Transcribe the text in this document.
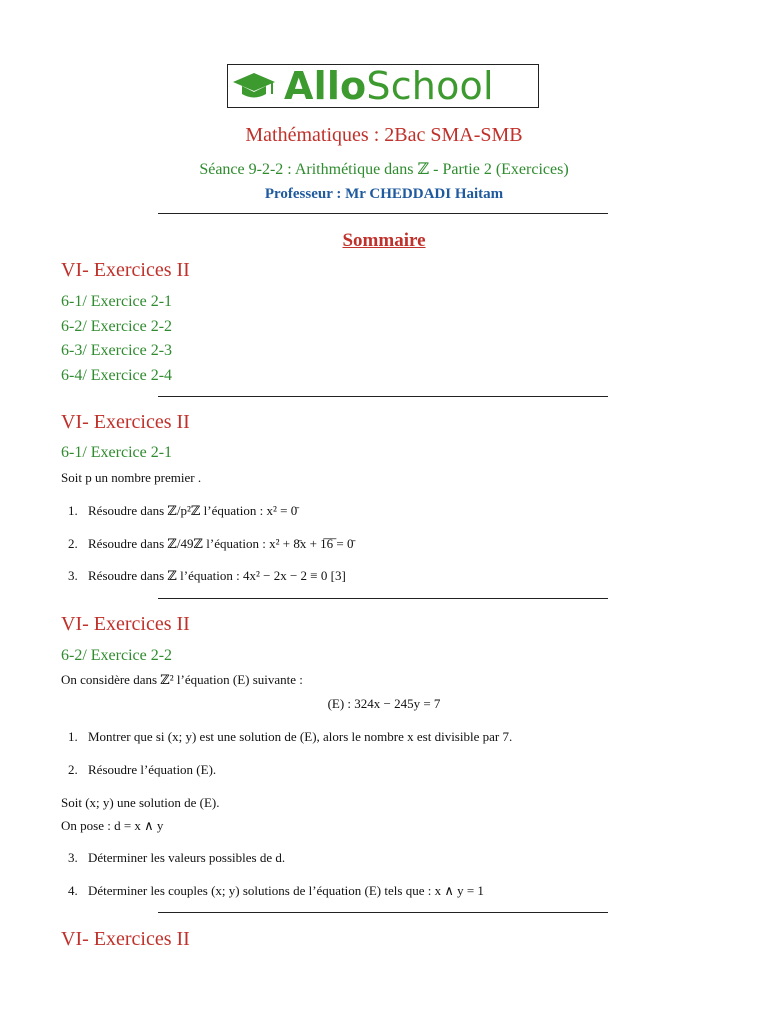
AlloSchool
Mathématiques : 2Bac SMA-SMB
Séance 9-2-2 : Arithmétique dans ℤ - Partie 2 (Exercices)
Professeur : Mr CHEDDADI Haitam
Sommaire
VI- Exercices II
6-1/ Exercice 2-1
6-2/ Exercice 2-2
6-3/ Exercice 2-3
6-4/ Exercice 2-4
VI- Exercices II
6-1/ Exercice 2-1
Soit p un nombre premier .
1. Résoudre dans ℤ/p²ℤ l’équation : x² = 0̄
2. Résoudre dans ℤ/49ℤ l’équation : x² + 8̄x + 1̅6̅ = 0̄
3. Résoudre dans ℤ l’équation : 4x² − 2x − 2 ≡ 0 [3]
VI- Exercices II
6-2/ Exercice 2-2
On considère dans ℤ² l’équation (E) suivante :
(E) : 324x − 245y = 7
1. Montrer que si (x; y) est une solution de (E), alors le nombre x est divisible par 7.
2. Résoudre l’équation (E).
Soit (x; y) une solution de (E).
On pose : d = x ∧ y
3. Déterminer les valeurs possibles de d.
4. Déterminer les couples (x; y) solutions de l’équation (E) tels que : x ∧ y = 1
VI- Exercices II
